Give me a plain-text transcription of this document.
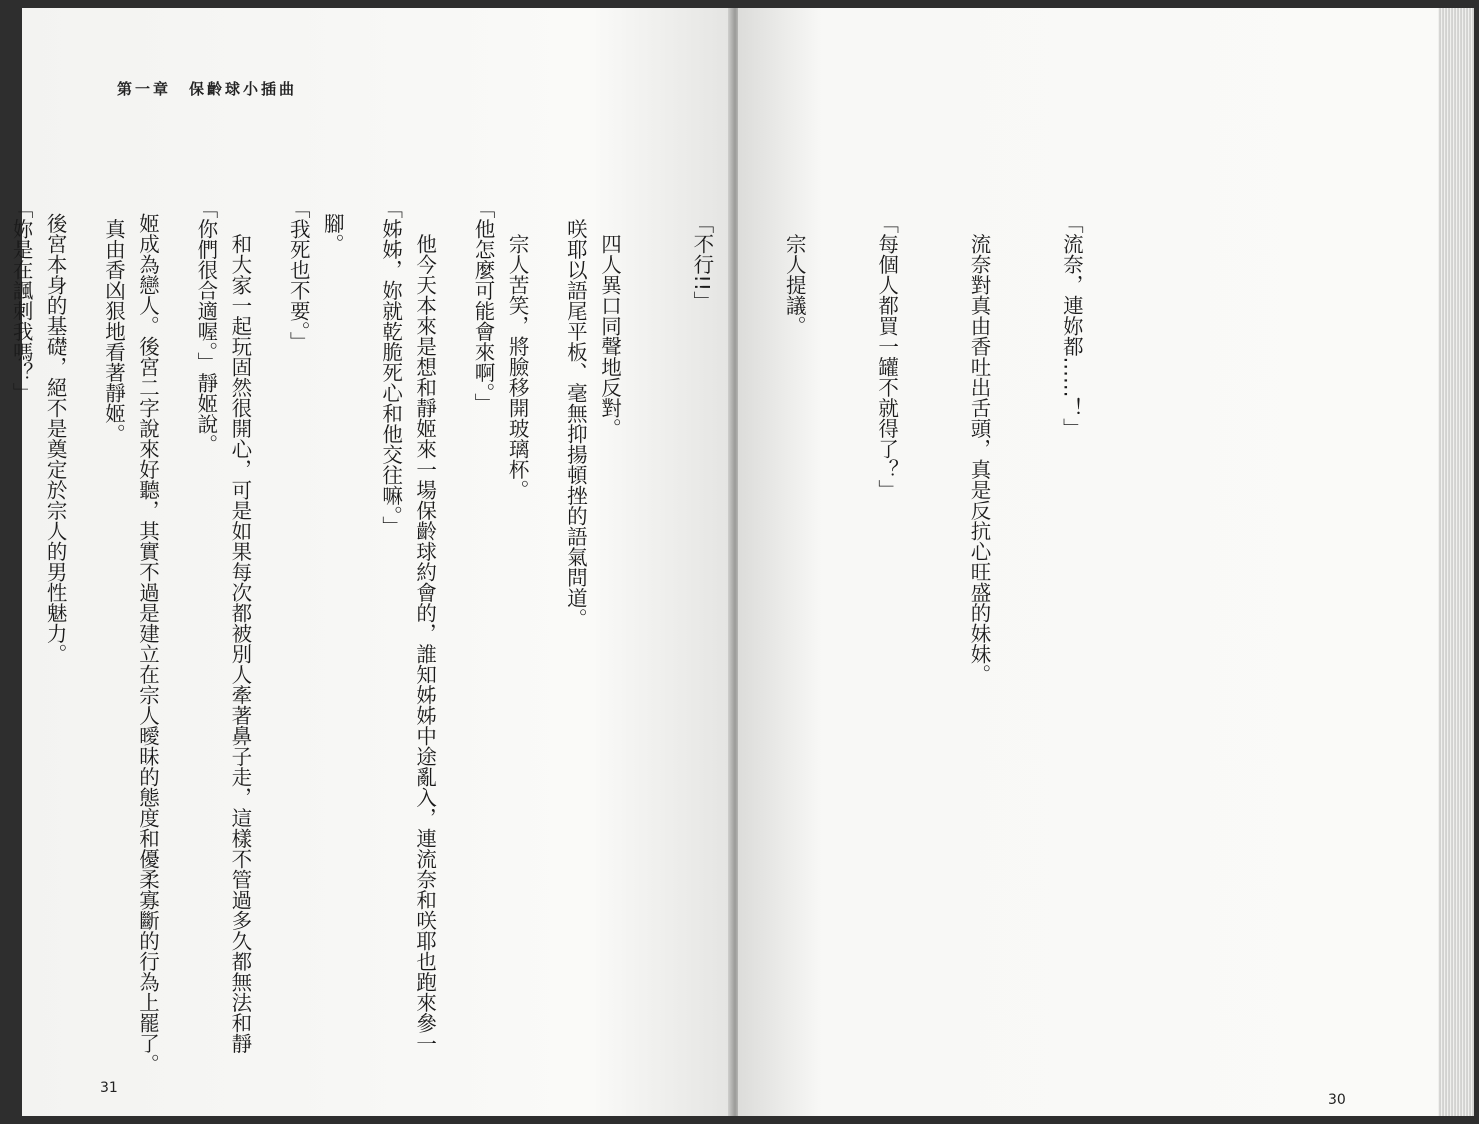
第一章　保齡球小插曲

　咲耶以語尾平板、毫無抑揚頓挫的語氣問道。

「他怎麼可能會來啊。」

「姊姊，妳就乾脆死心和他交往嘛。」

「我死也不要。」

「你們很合適喔。」靜姬說。

　真由香凶狠地看著靜姬。

「妳是在諷刺我嗎？」

31

「流奈，連妳都……！」

　流奈對真由香吐出舌頭，真是反抗心旺盛的妹妹。

「每個人都買一罐不就得了？」

　宗人提議。

「不行!!」

　四人異口同聲地反對。

　宗人苦笑，將臉移開玻璃杯。

　他今天本來是想和靜姬來一場保齡球約會的，誰知姊姊中途亂入，連流奈和咲耶也跑來參一

腳。

　和大家一起玩固然很開心，可是如果每次都被別人牽著鼻子走，這樣不管過多久都無法和靜

姬成為戀人。後宮二字說來好聽，其實不過是建立在宗人曖昧的態度和優柔寡斷的行為上罷了。

後宮本身的基礎，絕不是奠定於宗人的男性魅力。

30
